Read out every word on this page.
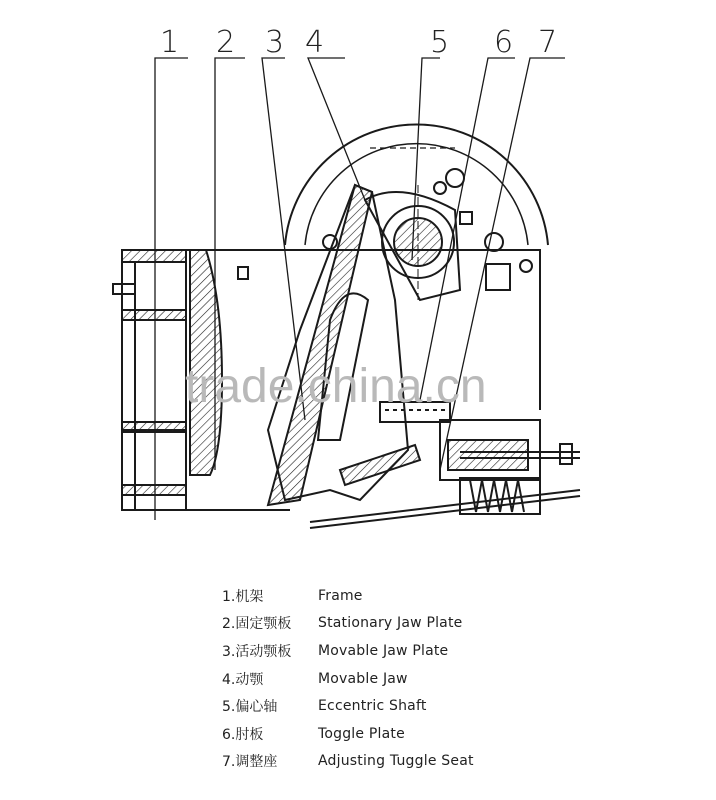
1 2 3 4	5 6 7
trade.china.cn
1.机架	Frame
2.固定颚板	Stationary Jaw Plate
3.活动颚板	Movable Jaw Plate
4.动颚	Movable Jaw
5.偏心轴	Eccentric Shaft
6.肘板	Toggle Plate
7.调整座	Adjusting Tuggle Seat
